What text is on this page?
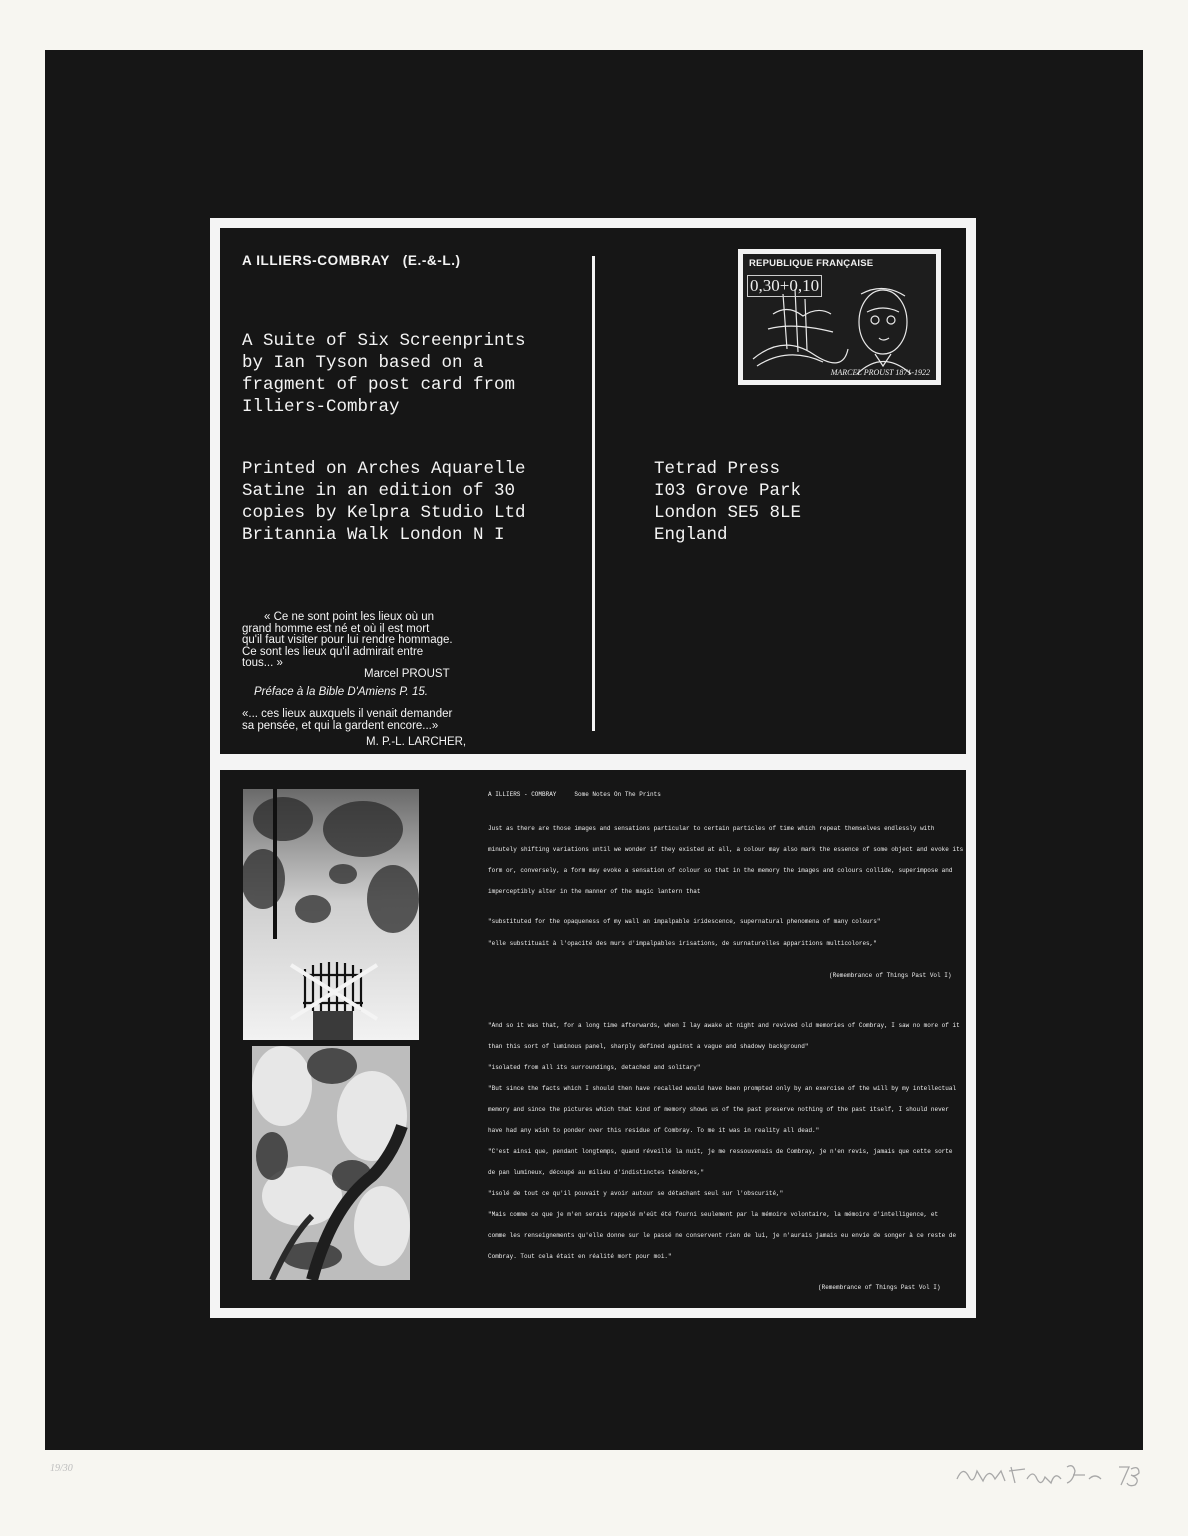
A ILLIERS-COMBRAY   (E.-&-L.)
A Suite of Six Screenprints
by Ian Tyson based on a
fragment of post card from
Illiers-Combray
Printed on Arches Aquarelle
Satine in an edition of 30
copies by Kelpra Studio Ltd
Britannia Walk London N I
Tetrad Press
I03 Grove Park
London SE5 8LE
England
REPUBLIQUE FRANÇAISE
0,30+0,10
MARCEL PROUST 1871-1922
« Ce ne sont point les lieux où un
grand homme est né et où il est mort
qu'il faut visiter pour lui rendre hommage.
Ce sont les lieux qu'il admirait entre
tous... »
Marcel PROUST
Préface à la Bible D'Amiens P. 15.
«... ces lieux auxquels il venait demander
sa pensée, et qui la gardent encore...»
M. P.-L. LARCHER,
A ILLIERS - COMBRAY	Some Notes On The Prints
Just as there are those images and sensations particular to certain particles of time which repeat themselves endlessly with
minutely shifting variations until we wonder if they existed at all, a colour may also mark the essence of some object and evoke its
form or, conversely, a form may evoke a sensation of colour so that in the memory the images and colours collide, superimpose and
imperceptibly alter in the manner of the magic lantern that
"substituted for the opaqueness of my wall an impalpable iridescence, supernatural phenomena of many colours"
"elle substituait à l'opacité des murs d'impalpables irisations, de surnaturelles apparitions multicolores,"
(Remembrance of Things Past Vol I)
"And so it was that, for a long time afterwards, when I lay awake at night and revived old memories of Combray, I saw no more of it
than this sort of luminous panel, sharply defined against a vague and shadowy background"
"isolated from all its surroundings, detached and solitary"
"But since the facts which I should then have recalled would have been prompted only by an exercise of the will by my intellectual
memory and since the pictures which that kind of memory shows us of the past preserve nothing of the past itself, I should never
have had any wish to ponder over this residue of Combray. To me it was in reality all dead."
"C'est ainsi que, pendant longtemps, quand réveillé la nuit, je me ressouvenais de Combray, je n'en revis, jamais que cette sorte
de pan lumineux, découpé au milieu d'indistinctes ténèbres,"
"isolé de tout ce qu'il pouvait y avoir autour se détachant seul sur l'obscurité,"
"Mais comme ce que je m'en serais rappelé m'eût été fourni seulement par la mémoire volontaire, la mémoire d'intelligence, et
comme les renseignements qu'elle donne sur le passé ne conservent rien de lui, je n'aurais jamais eu envie de songer à ce reste de
Combray. Tout cela était en réalité mort pour moi."
(Remembrance of Things Past Vol I)
19/30
